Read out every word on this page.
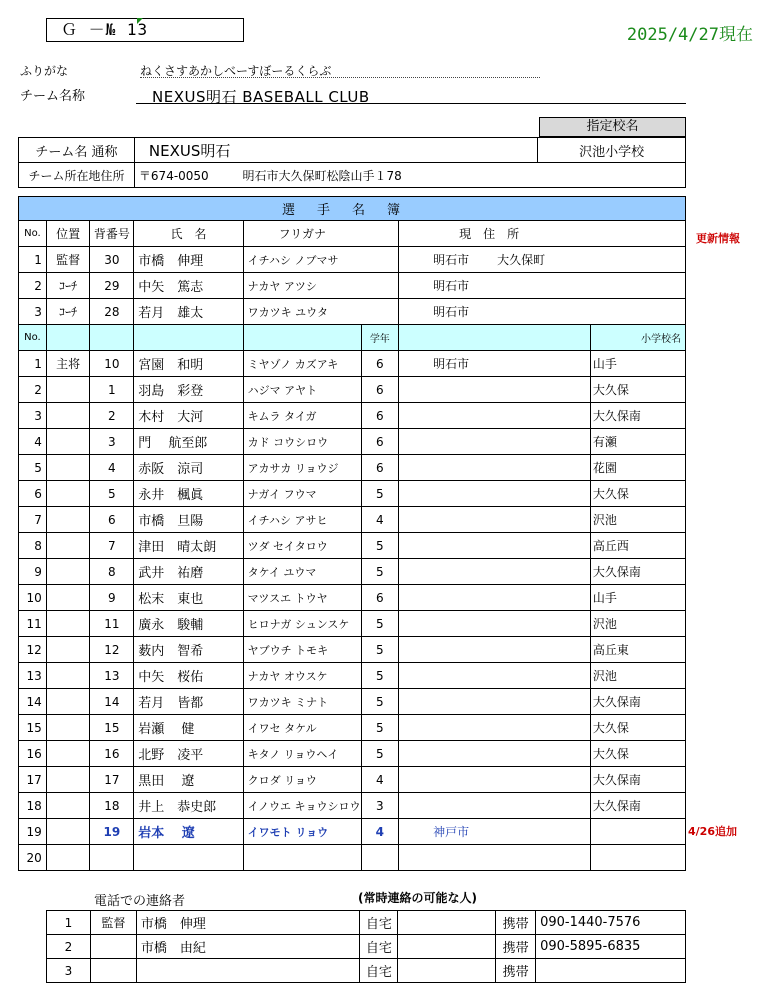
Ｇ －№ 13	2025/4/27現在
ふりがな	ねくさすあかしべーすぼーるくらぶ
チーム名称	NEXUS明石 BASEBALL CLUB
指定校名
チーム名 通称	NEXUS明石	沢池小学校
チーム所在地住所	〒674-0050 明石市大久保町松陰山手１78	
選手名簿							
No.	位置	背番号	氏　名	フリガナ		現　住　所	
1	監督	30	市橋　伸理	イチハシ ノブマサ		明石市 大久保町	
2	ｺｰﾁ	29	中矢　篤志	ナカヤ アツシ		明石市	
3	ｺｰﾁ	28	若月　雄太	ワカツキ ユウタ		明石市	
No.					学年		小学校名
1	主将	10	宮園　和明	ミヤゾノ カズアキ	6	明石市	山手
2		1	羽島　彩登	ハジマ アヤト	6		大久保
3		2	木村　大河	キムラ タイガ	6		大久保南
4		3	門　 航至郎	カド コウシロウ	6		有瀬
5		4	赤阪　涼司	アカサカ リョウジ	6		花園
6		5	永井　楓眞	ナガイ フウマ	5		大久保
7		6	市橋　旦陽	イチハシ アサヒ	4		沢池
8		7	津田　晴太朗	ツダ セイタロウ	5		高丘西
9		8	武井　祐磨	タケイ ユウマ	5		大久保南
10		9	松末　東也	マツスエ トウヤ	6		山手
11		11	廣永　駿輔	ヒロナガ シュンスケ	5		沢池
12		12	薮内　智希	ヤブウチ トモキ	5		高丘東
13		13	中矢　桜佑	ナカヤ オウスケ	5		沢池
14		14	若月　皆都	ワカツキ ミナト	5		大久保南
15		15	岩瀬　 健	イワセ タケル	5		大久保
16		16	北野　凌平	キタノ リョウヘイ	5		大久保
17		17	黒田　 遼	クロダ リョウ	4		大久保南
18		18	井上　恭史郎	イノウエ キョウシロウ	3		大久保南
19		19	岩本　 遼	イワモト リョウ	4	神戸市	
20							
更新情報
4/26追加
電話での連絡者	(常時連絡の可能な人)
1	監督	市橋　伸理	自宅		携帯	090-1440-7576
2		市橋　由紀	自宅		携帯	090-5895-6835
3			自宅		携帯	
